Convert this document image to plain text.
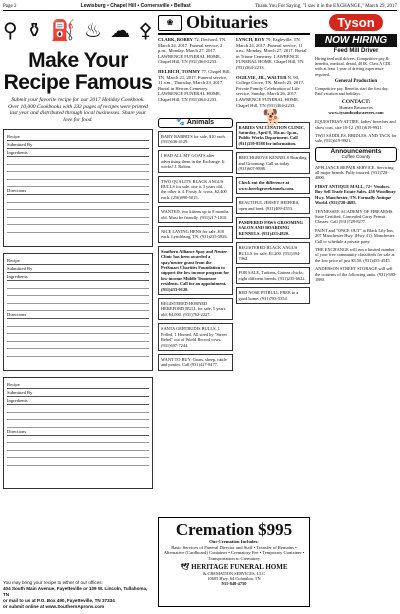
Page 2	Lewisburg • Chapel Hill • Cornersville • Belfast	Thank You For Saying, "I saw it in the EXCHANGE," March 29, 2017
⚲ ⚱ ⛽ ♨ ☁ ⚴
Make Your
Recipe Famous
Submit your favorite recipe for our 2017 Holiday Cookbook. Over 10,000 Cookbooks with 232 pages of recipes were printed last year and distributed through local businesses. Share your love for food.
Recipe
Submitted By
Ingredients
Directions
Recipe
Submitted By
Ingredients
Directions
Recipe
Submitted By
Ingredients
Directions
You may bring your recipe to either of our offices:
404 South Main Avenue, Fayetteville or 109 W. Lincoln, Tullahoma, TN
or mail to us at P.O. Box 490, Fayetteville, TN 37334
or submit online at www.SouthernAprons.com
❀ Obituaries
CLARK, BOBBY 72, Dechord, TN. March 24, 2017. Funeral service, 2 p.m., Monday, March 27, 2017. LAWRENCE FUNERAL HOME, Chapel Hill, TN (931)364-2233.
HELBICH, TOMMY 77, Chapel Hill, TN. March 21, 2017. Funeral service, 11 a.m., Thursday, March 23, 2017. Burial in Herron Cemetery. LAWRENCE FUNERAL HOME, Chapel Hill, TN (931)364-2233.
LYNCH, ROY 79, Eagleville, TN. March 24, 2017. Funeral service, 11 a.m., Monday, March 27, 2017. Burial in Triune Cemetery. LAWRENCE FUNERAL HOME, Chapel Hill, TN (931)364-2233.
OGILVIE, JR., WALTER N. 90, College Grove, TN. March 25, 2017. Private Family Celebration of Life service, Sunday, March 26, 2017. LAWRENCE FUNERAL HOME, Chapel Hill, TN (931)364-2233.
🐾 Animals
BABY RABBITS for sale, $10 each. (931)636-4129.
I HAD ALL MY GOATS after advertising them in the Exchange. It works! J. Bolton.
TWO QUALITY BLACK ANGUS BULLS for sale, one is 3 years old, the other is 4. Frosty Jr. cross, $2,400 each. (256)990-5015.
WANTED, two kittens up to 8 months old. Must be friendly. (931)217-1010.
NICE LAYING HENS for sale, $10 each. Lynchburg, TN. (931)235-5826.
Southern Alliance Spay and Neuter Clinic has been awarded a spay/neuter grant from the PetSmart Charities Foundation to support the low income program for low income Middle Tennessee residents. Call for an appointment. (931)433-0120.
REGISTERED HORNED HEREFORD BULL for sale, 5 years old. $4,000. (931)762-2227.
SANTA GERTRUDIS BULLS, 1 Polled, 1 Horned. All sired by "Street Rebel" out of World Record cows. (931)607-7244.
WANT TO BUY: Goats, sheep, cattle and ponies. Call (931)427-8477.
🐕
RABIES VACCINATION CLINIC, Saturday, April 8, 10a.m.-1p.m., Public Works Department. Call (931)359-8588 for information.
BEECHGROVE KENNELS Boarding and Grooming. Call us today. (931)607-9886.
Check out the difference at www.beechgrovekennels.com.
BEAUTIFUL JERSEY HEIFERS, open and bred. (931)409-4553.
PAMPERED PAWS GROOMING SALON AND BOARDING KENNELS. (931)433-4820.
REGISTERED BLACK ANGUS BULLS for sale, $1,200. (931)394-7062.
FOR SALE, Turkens, Guinea chicks, eight different breeds. (931)235-6622.
RED NOSE PITBULL FREE to a good home. (931)703-5354.
Cremation $995
Our Cremation Includes:
Basic Services of Funeral Director and Staff • Transfer of Remains • Alternative (Cardboard) Container • Crematory Fee • Temporary Container • Transportation to Crematory
🕊 HERITAGE FUNERAL HOME
& CREMATION SERVICES, LLC
10605 Hwy. 64 Columbia, TN
931-848-4750
Tyson
NOW HIRING
Feed Mill Driver
Hiring feed mill drivers. Competitive pay & benefits, medical, dental, 401K. Class A CDL with at least 1 year of driving experience required.
General Production
Competitive pay. Benefits start the first day. Paid vacation and holidays.
CONTACT:
Human Resources
www.tysonfoodscareers.com

EQUESTRIAN ATTIRE, ladies' breeches and show coat, size 10-12. (931)619-9921.

TWO SADDLES, BRIDLES, AND TACK for sale, (931)619-9921.

Announcements
Coffee County

APPLIANCE REPAIR SERVICE. Servicing all major brands. Fully insured. (931)728-4800.

FIRST ANTIQUE MALL, 72+ Vendors. Buy Sell Trade Estate Sales. 458 Woodbury Hwy. Manchester, TN. Formally Antique World. (931)728-4685.

TENNESSEE ACADEMY OF FIREARMS. State Certified, Concealed Carry Permit Classes. Call (931)728-8277.

PAINT and "ONCE OUT" at Black Lily Inn, 207 Manchester Hwy. (Hwy 41), Manchester. Call to schedule a private party.

THE EXCHANGE will run a limited number of your free community classifieds for sale at the low price of just $3.50. (931)455-4545.

ANDERSON STREET STORAGE will sell the contents of the following units. (931)-580-1880.
